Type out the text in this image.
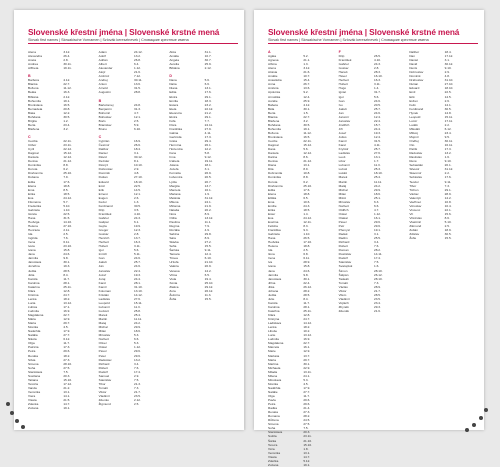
Slovenské křestní jména | Slovenské krstné mená
Slovak first names | Slowakische Vornamen | Szlovák keresztnevek | Словацкие крестные имена
Alena
Alexandra
Aneta
Andrea
Alžbeta
B
Barbora
Blanka
Božena
Beáta
Bibiána
Bohumila
Bronislava
Bernadeta
Biata
Bohdana
Brigita
Berta
Blažena
C
Cecília
Ctibor
Cyril
Dagmar
Daniela
Denisa
Dominika
Dorota
Drahomíra
Dušana
Edita
Elena
Ema
Erika
Eva
Filoména
Frederika
Gabriela
Gizela
Hana
Hedviga
Helena
Henrieta
Ida
Ingrida
Irena
Iveta
Ivana
Jana
Jarmila
Jaroslava
Jozefína
Judita
Júlia
Kamila
Karolína
Katarína
Klára
Kristína
Lenka
Lucia
Ľubica
Ľudmila
Magdaléna
Mária
Marta
Monika
Nadežda
Natália
Nikola
Oľga
Patrícia
Petra
Renáta
Silvia
Simona
Soňa
Stanislava
Svetlana
Tatiana
Terézia
Vanda
Veronika
Viera
Vlasta
Zdenka
Zuzana
3.12.
26.4.
2.8.
30.11.
19.11.
4.12.
22.7.
11.12.
16.3.
2.12.
19.1.
16.5.
20.8.
12.2.
30.5.
1.2.
23.4.
3.2.
22.11.
23.11.
22.12.
15.12.
12.12.
21.12.
8.8.
6.2.
25.10.
7.9.
17.6.
18.8.
8.5.
18.5.
24.12.
5.7.
5.10.
1.10.
22.5.
31.5.
14.10.
27.10.
2.11.
2.5.
7.6.
6.11.
23.10.
15.8.
24.6.
9.8.
30.1.
19.3.
28.5.
8.4.
11.7.
28.1.
25.11.
12.8.
24.7.
18.2.
13.12.
17.1.
16.9.
22.7.
12.9.
29.7.
4.5.
17.9.
27.7.
6.12.
11.7.
17.3.
29.6.
18.2.
27.3.
28.10.
27.5.
7.5.
20.3.
15.10.
17.12.
21.2.
13.1.
14.1.
21.5.
14.7.
19.1.
Adam
Adolf
Adrián
Albert
Alexander
Alojz
Ambróz
Andrej
Anton
Arnold
Augustín
B
Bartolomej
Benjamín
Bohumil
Bohuslav
Boris
Branislav
Bruno
C
Cyprián
Čestmír
Dalibor
Daniel
Dávid
Dezider
Dionýz
Dobroslav
Dominik
Dušan
Eduard
Emil
Erik
Ernest
Eugen
Fedor
Ferdinand
Filip
František
Gabriel
Gašpar
Gejza
Gregor
Gustáv
Henrich
Herbert
Hubert
Igor
Imrich
Ivan
Jakub
Ján
Jaroslav
Jozef
Juraj
Karol
Kamil
Koloman
Kristián
Ladislav
Leopold
Ľubomír
Ľudovít
Marek
Martin
Matej
Michal
Milan
Miroslav
Norbert
Oliver
Oskar
Pavol
Peter
Radoslav
Richard
Róbert
Rudolf
Samuel
Stanislav
Tibor
Tomáš
Viktor
Vladimír
Zdenko
Žigmund
24.12.
13.2.
26.8.
6.4.
1.12.
21.6.
7.12.
30.11.
13.6.
31.5.
28.8.
24.8.
31.3.
4.7.
12.1.
2.5.
5.9.
6.10.
16.9.
26.6.
18.4.
3.1.
30.12.
8.1.
10.10.
2.9.
4.8.
27.10.
18.10.
22.5.
14.5.
12.1.
2.6.
1.3.
30.5.
3.5.
4.10.
24.3.
6.1.
19.9.
12.3.
2.8.
13.7.
16.3.
3.11.
5.6.
5.11.
24.6.
25.7.
24.6.
22.4.
19.3.
24.4.
28.1.
31.10.
13.10.
14.12.
27.6.
15.11.
11.3.
25.8.
25.4.
11.11.
24.2.
29.9.
18.6.
5.3.
6.6.
5.3.
1.12.
29.6.
29.6.
13.2.
3.4.
7.6.
17.4.
2.9.
7.5.
21.3.
7.3.
21.7.
23.5.
2.12.
2.5.
Alica
Amália
Angela
Aurélia
Bibiána
D
Dana
Daša
Diana
Edita
Elvíra
Emília
Estera
Etela
Eleonóra
Elvíra
Féfa
Flóra
Františka
Galina
Gertrúda
Gréta
Hermína
Hortenzia
Ilona
Irma
Izabela
Jolana
Jozefa
Kornélia
Ľubomíra
Lýdia
Margita
Marcela
Mariana
Melánia
Milena
Miriama
Nataša
Nora
Otília
Paulína
Regína
Rozália
Sabína
Sára
Slávka
Sofia
Šarlota
Tamara
Timea
Uršuľa
Valéria
Vanesa
Vilma
Viola
Xénia
Zlatica
Zora
Želmíra
Žofia
31.1.
10.7.
30.7.
25.9.
2.12.
5.6.
6.6.
13.1.
17.6.
29.1.
18.3.
23.2.
22.12.
21.2.
29.1.
7.7.
24.11.
27.9.
4.11.
17.3.
29.4.
26.1.
12.2.
5.8.
9.12.
19.11.
18.1.
3.1.
26.9.
20.5.
20.7.
13.7.
16.1.
1.9.
31.12.
24.1.
21.9.
20.2.
8.9.
13.12.
11.1.
7.9.
4.9.
29.8.
8.9.
27.2.
15.5.
9.11.
12.4.
6.10.
21.10.
20.9.
14.2.
6.5.
19.4.
25.10.
29.12.
26.12.
11.3.
15.5.
Slovenské křestní jména | Slovenské krstné mená
Slovak first names | Slowakische Vornamen | Szlovák keresztnevek | Словацкие крестные имена
A
Agáta
Agnesa
Albína
Alena
Aloisia
Amálie
Anastázia
Anna
Antónia
Apolónia
Arnoštka
Aurélie
Babeta
Běla
Berta
Blanka
Blažena
Bohdana
Bohumila
Božena
Bronislava
Cecílie
Dagmar
Dana
Daniela
Darina
Denisa
Diana
Dita
Dobromila
Dominika
Dorota
Drahomíra
Edita
Elena
Eliška
Ema
Emílie
Erika
Ester
Eva
Evelína
Felicita
Františka
Gabriela
Hana
Hedvika
Helena
Ida
Ilona
Irena
Iva
Ivana
Jana
Jarmila
Jaroslava
Jiřina
Jitka
Johana
Judita
Julie
Kamila
Karolína
Kateřina
Klára
Kristýna
Ladislava
Lenka
Libuše
Lucie
Ludmila
Magdaléna
Marcela
Marie
Markéta
Marta
Martina
Michaela
Milada
Milena
Miroslava
Monika
Naděžda
Natálie
Olga
Pavla
Petra
Radka
Renata
Romana
Růžena
Simona
Soňa
Stanislava
Světla
Šárka
Tereza
Věra
Veronika
Vlasta
Zdeňka
Zuzana
5.2.
21.1.
1.3.
3.12.
21.6.
10.7.
15.4.
26.7.
13.6.
9.2.
12.4.
25.9.
4.12.
30.1.
1.5.
22.7.
3.2.
30.5.
19.1.
11.12.
16.5.
22.11.
15.12.
5.6.
12.12.
8.6.
21.12.
13.1.
8.9.
10.8.
8.8.
6.2.
25.10.
17.6.
18.8.
6.5.
10.6.
24.3.
18.5.
1.4.
24.12.
12.11.
8.3.
9.3.
1.10.
26.5.
17.10.
18.8.
2.5.
6.8.
6.11.
28.9.
15.8.
24.6.
9.8.
30.1.
22.4.
26.12.
28.2.
28.5.
8.4.
11.7.
28.1.
25.11.
12.8.
24.7.
14.12.
18.2.
10.2.
13.12.
16.9.
22.7.
16.1.
12.9.
13.7.
29.7.
30.1.
22.9.
13.11.
24.1.
5.3.
4.5.
17.9.
27.7.
11.7.
29.6.
29.6.
21.4.
27.3.
28.2.
24.5.
27.5.
7.5.
20.3.
23.11.
21.10.
15.10.
1.8.
13.1.
14.7.
5.12.
19.1.
F
Filip
František
Gabriel
Gustav
Hanuš
Havel
Herbert
Hubert
Hugo
Ignác
Igor
Ivan
Ivo
Jakub
Jan
Jaromír
Jaroslav
Jindřich
Jiří
Josef
Julius
Kamil
Karel
Kryštof
Ladislav
Leoš
Libor
Lubomír
Luboš
Lukáš
Marek
Martin
Matěj
Michal
Milan
Miloš
Miroslav
Norbert
Oldřich
Oskar
Otakar
Pavel
Petr
Přemysl
Radek
Radim
Richard
Robert
Roman
Rostislav
Rudolf
Stanislav
Svatopluk
Šimon
Štěpán
Tadeáš
Tomáš
Václav
Viktor
Vilém
Vladimír
Vojtěch
Zbyněk
Zdeněk
26.5.
4.10.
24.3.
2.8.
28.3.
16.10.
16.3.
3.11.
1.4.
31.7.
5.6.
24.6.
20.5.
25.7.
24.6.
12.4.
22.4.
15.7.
24.4.
19.3.
12.4.
31.5.
4.11.
25.7.
27.6.
13.1.
1.7.
11.3.
25.3.
18.10.
25.4.
11.11.
24.2.
29.9.
18.6.
25.1.
6.3.
6.6.
4.7.
1.12.
16.1.
29.6.
29.6.
19.1.
3.1.
25.5.
3.4.
7.6.
28.2.
14.11.
17.4.
7.5.
1.6.
28.10.
26.12.
28.10.
7.3.
28.9.
21.7.
28.5.
23.5.
23.4.
29.3.
21.6.
Dalibor
Dan
Daniel
David
Denis
Dobroslav
Dominik
Drahoslav
Dušan
Eduard
Emil
Erik
Evžen
Felix
Ferdinand
Hynek
Leopold
Lumír
Luděk
Mikuláš
Milivoj
Mojmír
Ondřej
Oto
Patrik
Radoslav
Rastislav
René
Sebastián
Silvestr
Slavomír
Soběslav
Teodor
Tibor
Tichon
Václav
Valentýn
Vavřinec
Věroslav
Vincenc
Vít
Vítězslav
Vlastimil
Zikmund
Zoltán
Zdislav
Žofie
18.4.
17.12.
3.1.
30.12.
9.10.
2.9.
4.8.
31.10.
27.10.
18.10.
22.5.
14.5.
2.6.
14.1.
30.5.
14.8.
15.11.
17.11.
2.2.
6.12.
23.4.
9.5.
30.11.
16.11.
17.3.
13.2.
1.6.
9.10.
20.1.
31.12.
2.2.
17.6.
9.11.
7.3.
29.1.
28.9.
14.2.
10.8.
10.4.
22.1.
15.6.
8.6.
5.10.
2.5.
18.9.
30.5.
15.5.
